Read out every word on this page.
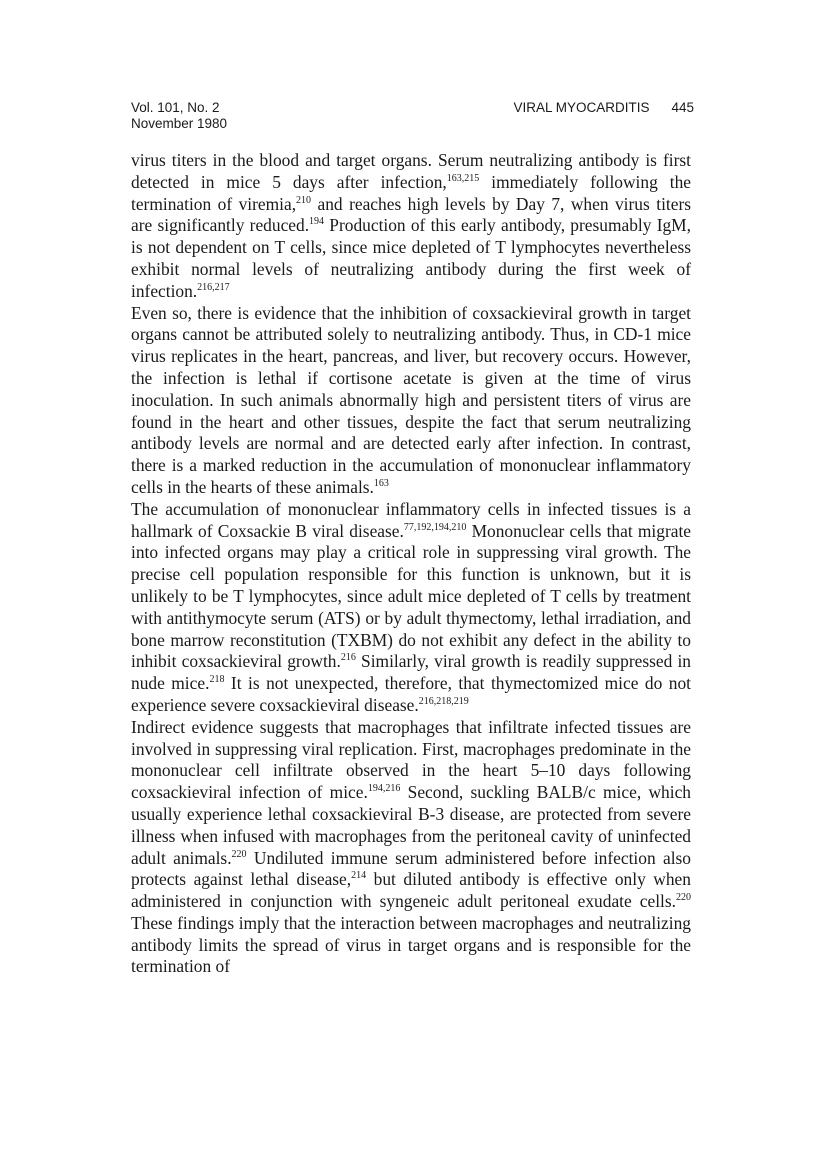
Vol. 101, No. 2
November 1980
VIRAL MYOCARDITIS 445

virus titers in the blood and target organs. Serum neutralizing antibody is first detected in mice 5 days after infection,$^{163,215}$ immediately following the termination of viremia,$^{210}$ and reaches high levels by Day 7, when virus titers are significantly reduced.$^{194}$ Production of this early antibody, presumably IgM, is not dependent on T cells, since mice depleted of T lymphocytes nevertheless exhibit normal levels of neutralizing antibody during the first week of infection.$^{216,217}$

Even so, there is evidence that the inhibition of coxsackieviral growth in target organs cannot be attributed solely to neutralizing antibody. Thus, in CD-1 mice virus replicates in the heart, pancreas, and liver, but recovery occurs. However, the infection is lethal if cortisone acetate is given at the time of virus inoculation. In such animals abnormally high and persistent titers of virus are found in the heart and other tissues, despite the fact that serum neutralizing antibody levels are normal and are detected early after infection. In contrast, there is a marked reduction in the accumulation of mononuclear inflammatory cells in the hearts of these animals.$^{163}$

The accumulation of mononuclear inflammatory cells in infected tissues is a hallmark of Coxsackie B viral disease.$^{77,192,194,210}$ Mononuclear cells that migrate into infected organs may play a critical role in suppressing viral growth. The precise cell population responsible for this function is unknown, but it is unlikely to be T lymphocytes, since adult mice depleted of T cells by treatment with antithymocyte serum (ATS) or by adult thymectomy, lethal irradiation, and bone marrow reconstitution (TXBM) do not exhibit any defect in the ability to inhibit coxsackieviral growth.$^{216}$ Similarly, viral growth is readily suppressed in nude mice.$^{218}$ It is not unexpected, therefore, that thymectomized mice do not experience severe coxsackieviral disease.$^{216,218,219}$

Indirect evidence suggests that macrophages that infiltrate infected tissues are involved in suppressing viral replication. First, macrophages predominate in the mononuclear cell infiltrate observed in the heart 5–10 days following coxsackieviral infection of mice.$^{194,216}$ Second, suckling BALB/c mice, which usually experience lethal coxsackieviral B-3 disease, are protected from severe illness when infused with macrophages from the peritoneal cavity of uninfected adult animals.$^{220}$ Undiluted immune serum administered before infection also protects against lethal disease,$^{214}$ but diluted antibody is effective only when administered in conjunction with syngeneic adult peritoneal exudate cells.$^{220}$ These findings imply that the interaction between macrophages and neutralizing antibody limits the spread of virus in target organs and is responsible for the termination of
